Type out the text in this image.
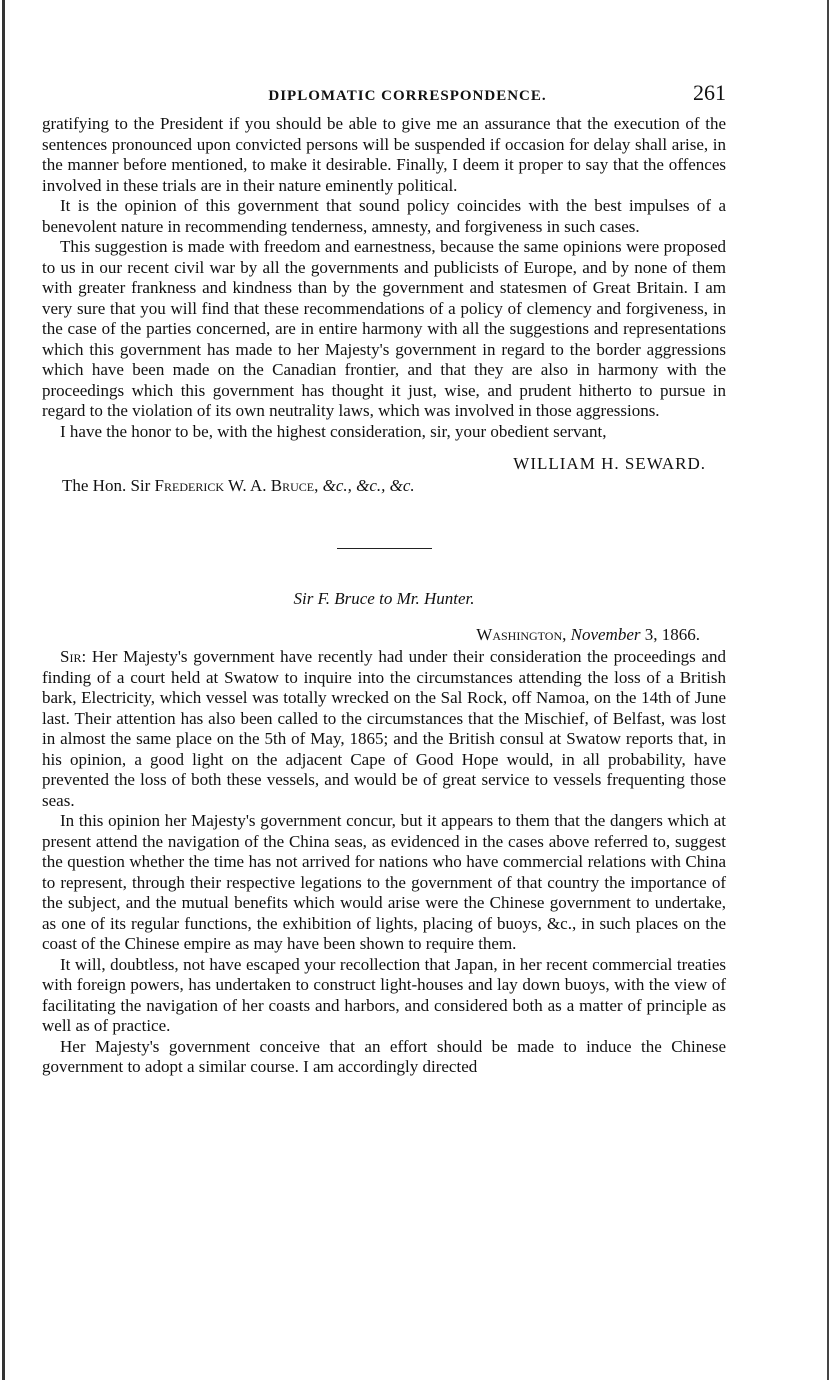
DIPLOMATIC CORRESPONDENCE.	261

gratifying to the President if you should be able to give me an assurance that the execution of the sentences pronounced upon convicted persons will be suspended if occasion for delay shall arise, in the manner before mentioned, to make it desirable. Finally, I deem it proper to say that the offences involved in these trials are in their nature eminently political.

It is the opinion of this government that sound policy coincides with the best impulses of a benevolent nature in recommending tenderness, amnesty, and forgiveness in such cases.

This suggestion is made with freedom and earnestness, because the same opinions were proposed to us in our recent civil war by all the governments and publicists of Europe, and by none of them with greater frankness and kindness than by the government and statesmen of Great Britain. I am very sure that you will find that these recommendations of a policy of clemency and forgiveness, in the case of the parties concerned, are in entire harmony with all the suggestions and representations which this government has made to her Majesty's government in regard to the border aggressions which have been made on the Canadian frontier, and that they are also in harmony with the proceedings which this government has thought it just, wise, and prudent hitherto to pursue in regard to the violation of its own neutrality laws, which was involved in those aggressions.

I have the honor to be, with the highest consideration, sir, your obedient servant,

WILLIAM H. SEWARD.
The Hon. Sir Frederick W. A. Bruce, &c., &c., &c.
Sir F. Bruce to Mr. Hunter.
Washington, November 3, 1866.

Sir: Her Majesty's government have recently had under their consideration the proceedings and finding of a court held at Swatow to inquire into the circumstances attending the loss of a British bark, Electricity, which vessel was totally wrecked on the Sal Rock, off Namoa, on the 14th of June last. Their attention has also been called to the circumstances that the Mischief, of Belfast, was lost in almost the same place on the 5th of May, 1865; and the British consul at Swatow reports that, in his opinion, a good light on the adjacent Cape of Good Hope would, in all probability, have prevented the loss of both these vessels, and would be of great service to vessels frequenting those seas.

In this opinion her Majesty's government concur, but it appears to them that the dangers which at present attend the navigation of the China seas, as evidenced in the cases above referred to, suggest the question whether the time has not arrived for nations who have commercial relations with China to represent, through their respective legations to the government of that country the importance of the subject, and the mutual benefits which would arise were the Chinese government to undertake, as one of its regular functions, the exhibition of lights, placing of buoys, &c., in such places on the coast of the Chinese empire as may have been shown to require them.

It will, doubtless, not have escaped your recollection that Japan, in her recent commercial treaties with foreign powers, has undertaken to construct light-houses and lay down buoys, with the view of facilitating the navigation of her coasts and harbors, and considered both as a matter of principle as well as of practice.

Her Majesty's government conceive that an effort should be made to induce the Chinese government to adopt a similar course. I am accordingly directed
